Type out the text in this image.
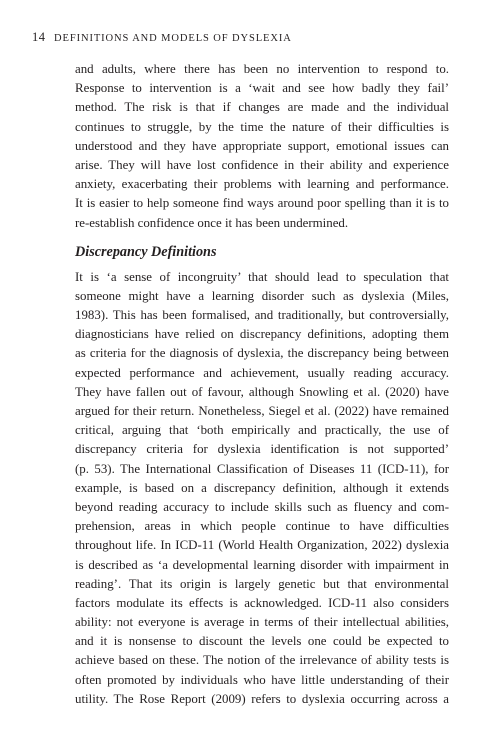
14 DEFINITIONS AND MODELS OF DYSLEXIA

and adults, where there has been no intervention to respond to.
Response to intervention is a ‘wait and see how badly they fail’
method. The risk is that if changes are made and the individual
continues to struggle, by the time the nature of their difficulties is
understood and they have appropriate support, emotional issues can
arise. They will have lost confidence in their ability and experience
anxiety, exacerbating their problems with learning and performance.
It is easier to help someone find ways around poor spelling than it is to
re-establish confidence once it has been undermined.

Discrepancy Definitions

It is ‘a sense of incongruity’ that should lead to speculation that
someone might have a learning disorder such as dyslexia (Miles,
1983). This has been formalised, and traditionally, but controversially,
diagnosticians have relied on discrepancy definitions, adopting them
as criteria for the diagnosis of dyslexia, the discrepancy being between
expected performance and achievement, usually reading accuracy.
They have fallen out of favour, although Snowling et al. (2020) have
argued for their return. Nonetheless, Siegel et al. (2022) have remained
critical, arguing that ‘both empirically and practically, the use of
discrepancy criteria for dyslexia identification is not supported’
(p. 53). The International Classification of Diseases 11 (ICD-11), for
example, is based on a discrepancy definition, although it extends
beyond reading accuracy to include skills such as fluency and com-
prehension, areas in which people continue to have difficulties
throughout life. In ICD-11 (World Health Organization, 2022) dyslexia
is described as ‘a developmental learning disorder with impairment in
reading’. That its origin is largely genetic but that environmental
factors modulate its effects is acknowledged. ICD-11 also considers
ability: not everyone is average in terms of their intellectual abilities,
and it is nonsense to discount the levels one could be expected to
achieve based on these. The notion of the irrelevance of ability tests is
often promoted by individuals who have little understanding of their
utility. The Rose Report (2009) refers to dyslexia occurring across a
